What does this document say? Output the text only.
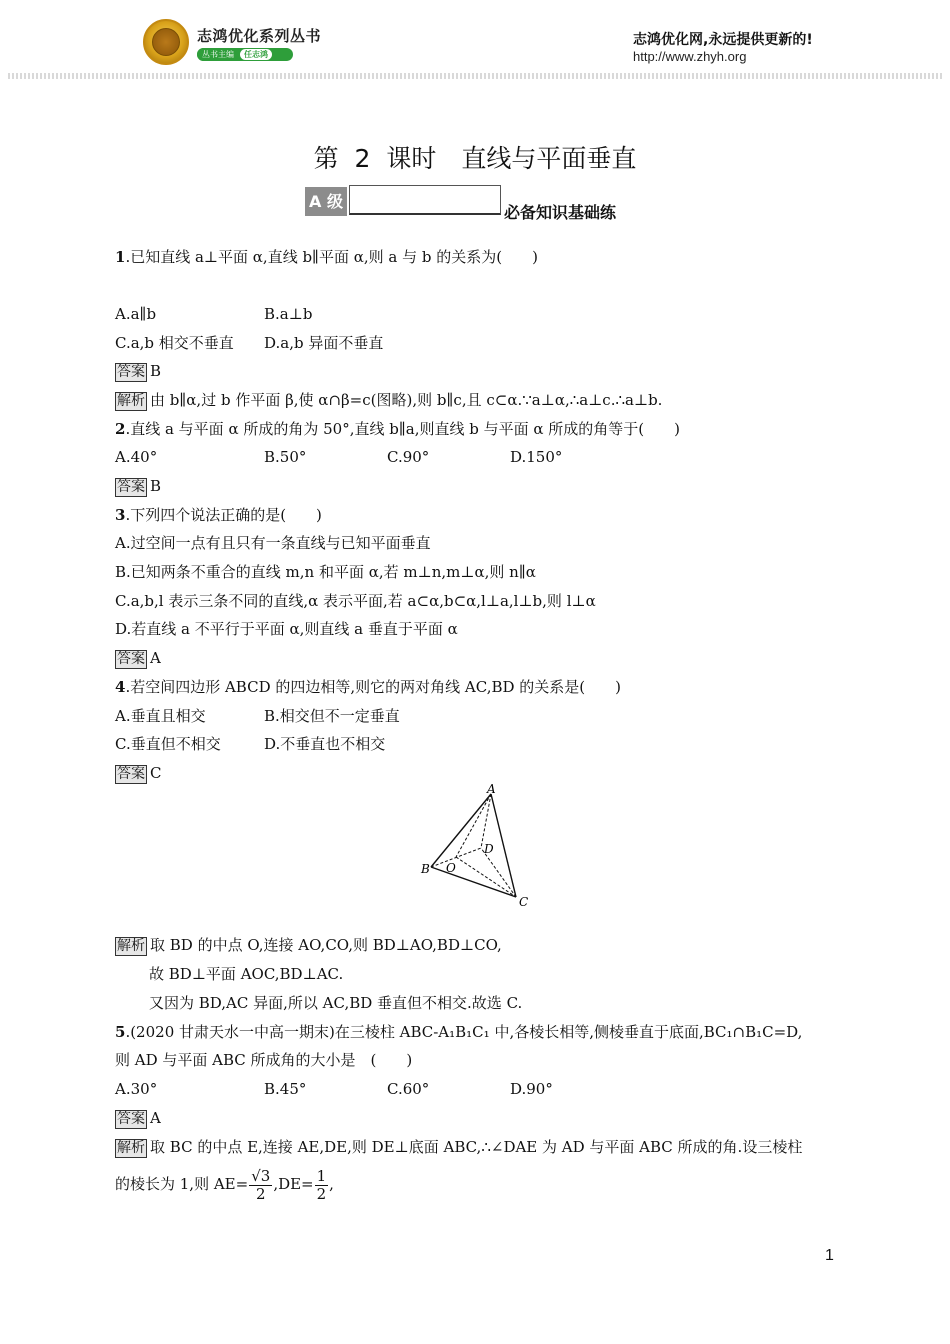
志鸿优化系列丛书
丛书主编	任志鸿
志鸿优化网,永远提供更新的!
http://www.zhyh.org
第 2 课时　直线与平面垂直
A 级
必备知识基础练
1.已知直线 a⊥平面 α,直线 b∥平面 α,则 a 与 b 的关系为(　　)
A.a∥b	B.a⊥b
C.a,b 相交不垂直 D.a,b 异面不垂直
答案 B
解析 由 b∥α,过 b 作平面 β,使 α∩β=c(图略),则 b∥c,且 c⊂α.∵a⊥α,∴a⊥c.∴a⊥b.
2.直线 a 与平面 α 所成的角为 50°,直线 b∥a,则直线 b 与平面 α 所成的角等于(　　)
A.40°	B.50°	C.90°	D.150°
答案 B
3.下列四个说法正确的是(　　)
A.过空间一点有且只有一条直线与已知平面垂直
B.已知两条不重合的直线 m,n 和平面 α,若 m⊥n,m⊥α,则 n∥α
C.a,b,l 表示三条不同的直线,α 表示平面,若 a⊂α,b⊂α,l⊥a,l⊥b,则 l⊥α
D.若直线 a 不平行于平面 α,则直线 a 垂直于平面 α
答案 A
4.若空间四边形 ABCD 的四边相等,则它的两对角线 AC,BD 的关系是(　　)
A.垂直且相交	B.相交但不一定垂直
C.垂直但不相交	D.不垂直也不相交
答案 C
A
B O
D
C
解析 取 BD 的中点 O,连接 AO,CO,则 BD⊥AO,BD⊥CO,
故 BD⊥平面 AOC,BD⊥AC.
又因为 BD,AC 异面,所以 AC,BD 垂直但不相交.故选 C.
5.(2020 甘肃天水一中高一期末)在三棱柱 ABC-A₁B₁C₁ 中,各棱长相等,侧棱垂直于底面,BC₁∩B₁C=D,
则 AD 与平面 ABC 所成角的大小是　(　　)
A.30°	B.45°	C.60°	D.90°
答案 A
解析 取 BC 的中点 E,连接 AE,DE,则 DE⊥底面 ABC,∴∠DAE 为 AD 与平面 ABC 所成的角.设三棱柱
的棱长为 1,则 $AE= \frac{√3}{2} ,DE= \frac{1}{2}$ ,
1
